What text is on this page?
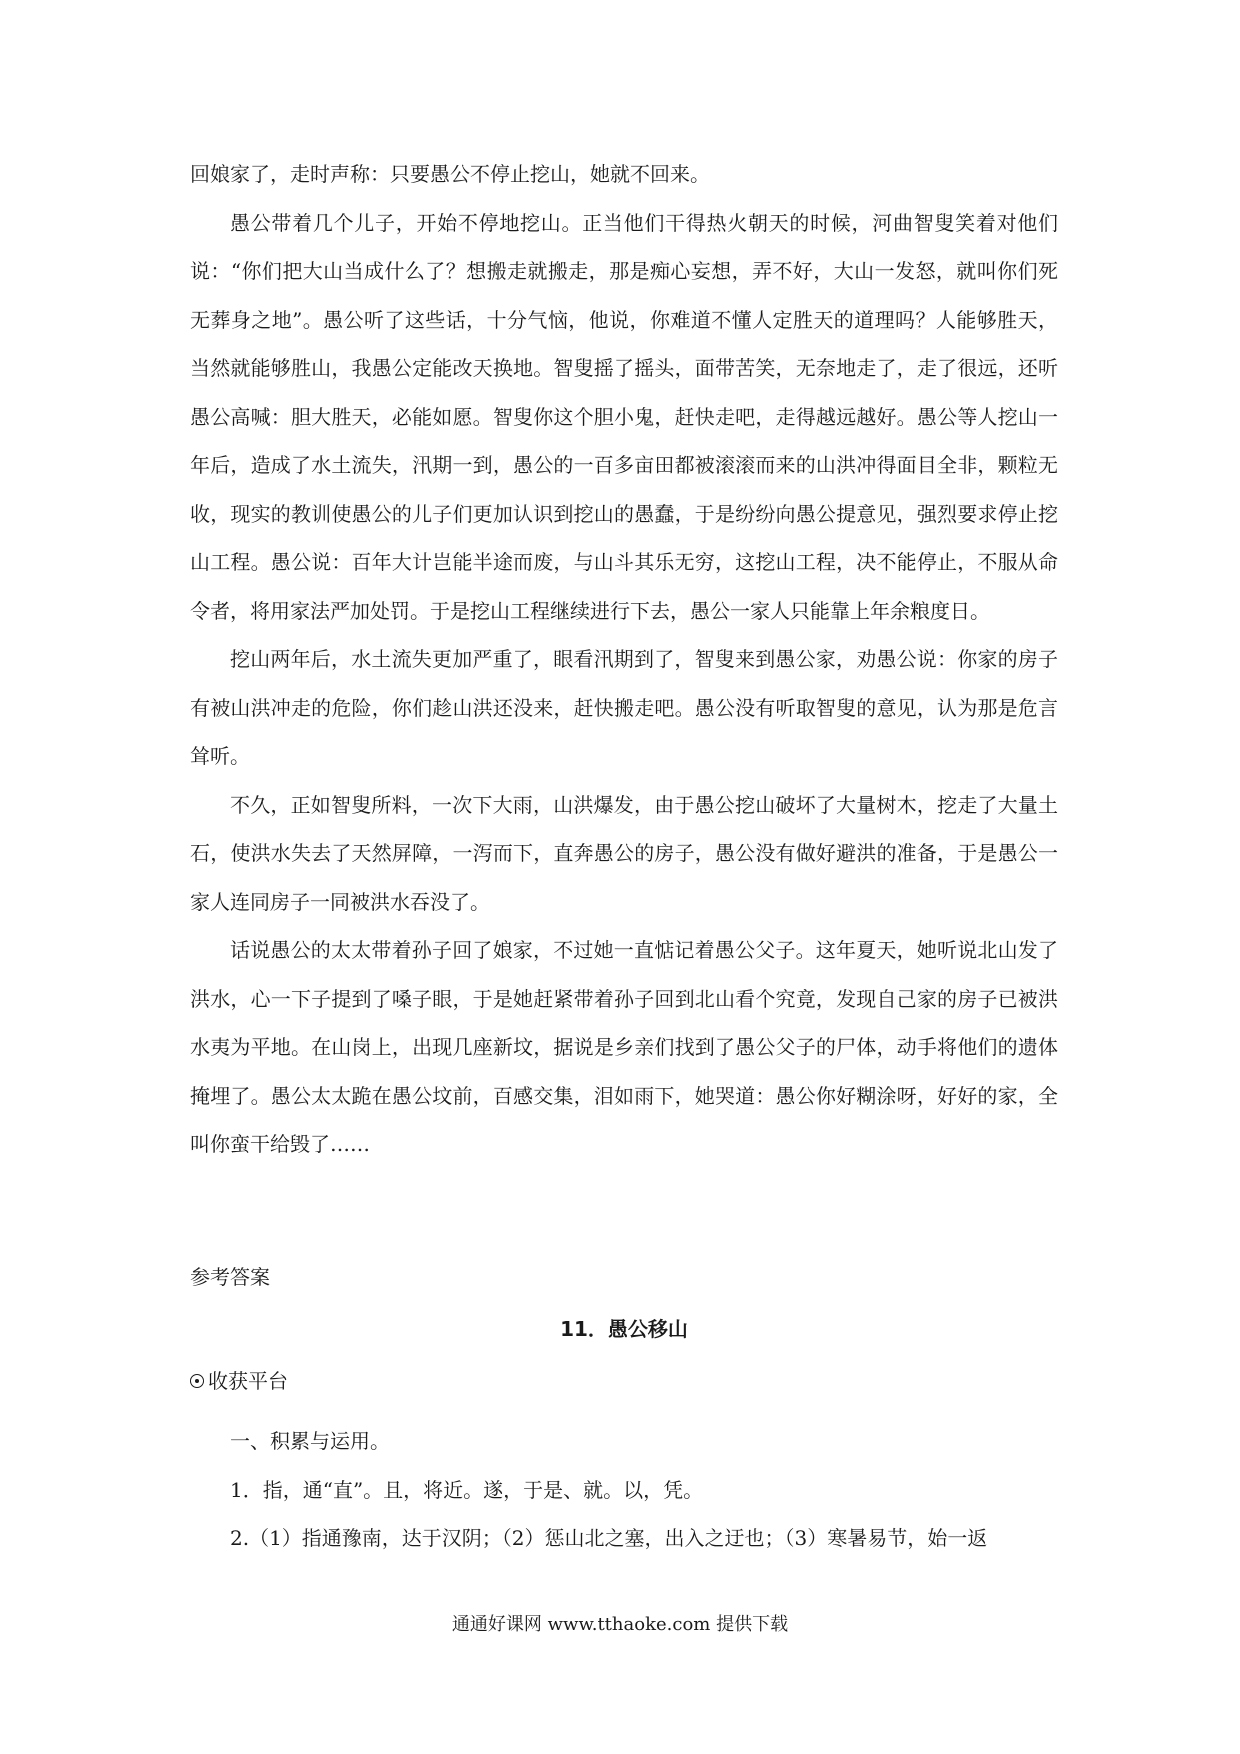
回娘家了，走时声称：只要愚公不停止挖山，她就不回来。

愚公带着几个儿子，开始不停地挖山。正当他们干得热火朝天的时候，河曲智叟笑着对他们说：“你们把大山当成什么了？想搬走就搬走，那是痴心妄想，弄不好，大山一发怒，就叫你们死无葬身之地”。愚公听了这些话，十分气恼，他说，你难道不懂人定胜天的道理吗？人能够胜天，当然就能够胜山，我愚公定能改天换地。智叟摇了摇头，面带苦笑，无奈地走了，走了很远，还听愚公高喊：胆大胜天，必能如愿。智叟你这个胆小鬼，赶快走吧，走得越远越好。愚公等人挖山一年后，造成了水土流失，汛期一到，愚公的一百多亩田都被滚滚而来的山洪冲得面目全非，颗粒无收，现实的教训使愚公的儿子们更加认识到挖山的愚蠢，于是纷纷向愚公提意见，强烈要求停止挖山工程。愚公说：百年大计岂能半途而废，与山斗其乐无穷，这挖山工程，决不能停止，不服从命令者，将用家法严加处罚。于是挖山工程继续进行下去，愚公一家人只能靠上年余粮度日。

挖山两年后，水土流失更加严重了，眼看汛期到了，智叟来到愚公家，劝愚公说：你家的房子有被山洪冲走的危险，你们趁山洪还没来，赶快搬走吧。愚公没有听取智叟的意见，认为那是危言耸听。

不久，正如智叟所料，一次下大雨，山洪爆发，由于愚公挖山破坏了大量树木，挖走了大量土石，使洪水失去了天然屏障，一泻而下，直奔愚公的房子，愚公没有做好避洪的准备，于是愚公一家人连同房子一同被洪水吞没了。

话说愚公的太太带着孙子回了娘家，不过她一直惦记着愚公父子。这年夏天，她听说北山发了洪水，心一下子提到了嗓子眼，于是她赶紧带着孙子回到北山看个究竟，发现自己家的房子已被洪水夷为平地。在山岗上，出现几座新坟，据说是乡亲们找到了愚公父子的尸体，动手将他们的遗体掩埋了。愚公太太跪在愚公坟前，百感交集，泪如雨下，她哭道：愚公你好糊涂呀，好好的家，全叫你蛮干给毁了……

参考答案

11．愚公移山

收获平台

一、积累与运用。

1．指，通“直”。且，将近。遂，于是、就。以，凭。

2.（1）指通豫南，达于汉阴；（2）惩山北之塞，出入之迂也；（3）寒暑易节，始一返

通通好课网 www.tthaoke.com 提供下载
